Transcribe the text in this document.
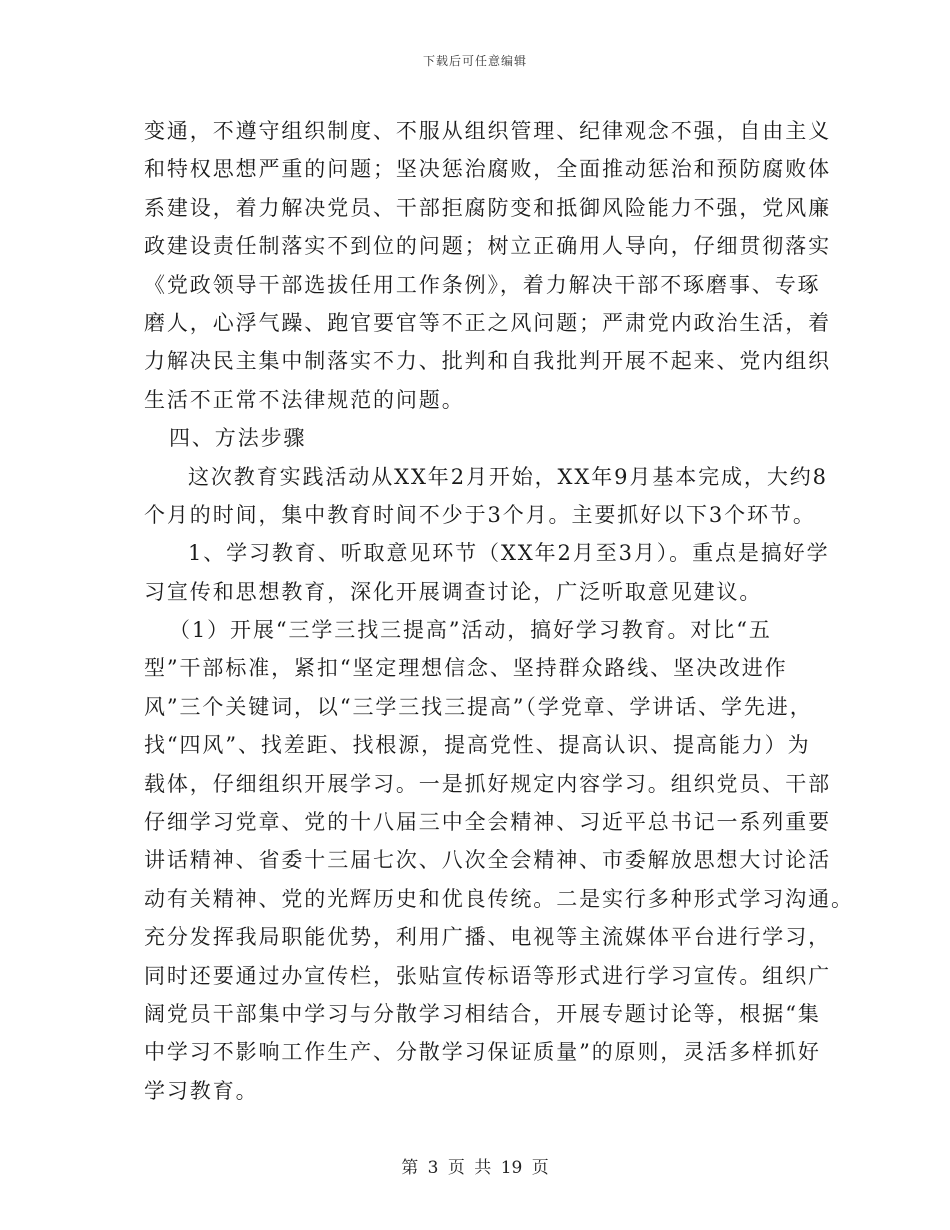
下载后可任意编辑
变通，不遵守组织制度、不服从组织管理、纪律观念不强，自由主义
和特权思想严重的问题；坚决惩治腐败，全面推动惩治和预防腐败体
系建设，着力解决党员、干部拒腐防变和抵御风险能力不强，党风廉
政建设责任制落实不到位的问题；树立正确用人导向，仔细贯彻落实
《党政领导干部选拔任用工作条例》，着力解决干部不琢磨事、专琢
磨人，心浮气躁、跑官要官等不正之风问题；严肃党内政治生活，着
力解决民主集中制落实不力、批判和自我批判开展不起来、党内组织
生活不正常不法律规范的问题。
四、方法步骤
这次教育实践活动从XX年2月开始，XX年9月基本完成，大约8
个月的时间，集中教育时间不少于3个月。主要抓好以下3个环节。
1、学习教育、听取意见环节（XX年2月至3月）。重点是搞好学
习宣传和思想教育，深化开展调查讨论，广泛听取意见建议。
（1）开展“三学三找三提高”活动，搞好学习教育。对比“五
型”干部标准，紧扣“坚定理想信念、坚持群众路线、坚决改进作
风”三个关键词，以“三学三找三提高”（学党章、学讲话、学先进，
找“四风”、找差距、找根源，提高党性、提高认识、提高能力）为
载体，仔细组织开展学习。一是抓好规定内容学习。组织党员、干部
仔细学习党章、党的十八届三中全会精神、习近平总书记一系列重要
讲话精神、省委十三届七次、八次全会精神、市委解放思想大讨论活
动有关精神、党的光辉历史和优良传统。二是实行多种形式学习沟通。
充分发挥我局职能优势，利用广播、电视等主流媒体平台进行学习，
同时还要通过办宣传栏，张贴宣传标语等形式进行学习宣传。组织广
阔党员干部集中学习与分散学习相结合，开展专题讨论等，根据“集
中学习不影响工作生产、分散学习保证质量”的原则，灵活多样抓好
学习教育。
第 3 页 共 19 页
